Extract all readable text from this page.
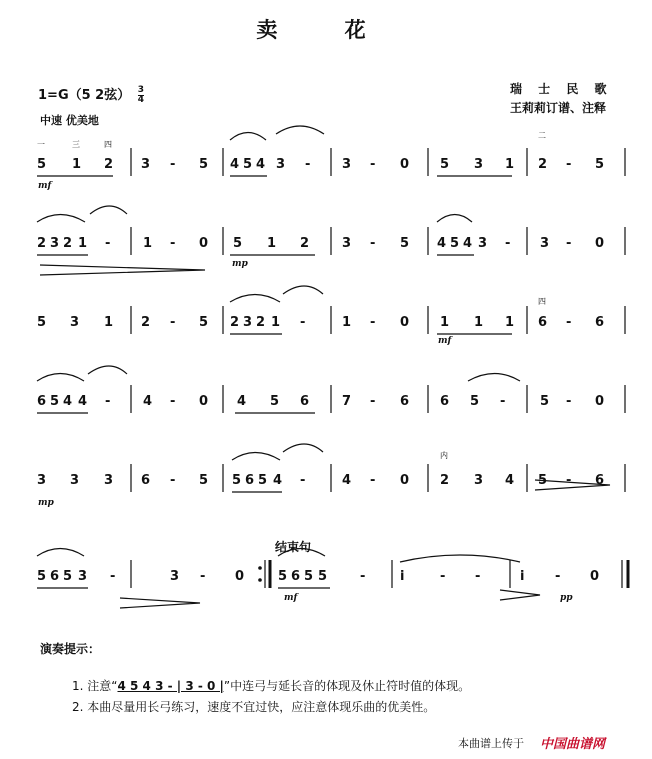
卖 花
1=G（5 2弦） $\frac{3}{4}$	瑞 士 民 歌
王莉莉订谱、注释
中速 优美地
结束句
5 1 2 3 - 5 4 5 4 3 - 3 - 0 5 3 1 2 - 5
2 3 2 1 -	1 - 0 5 1 2	3 - 5 4 5 4 3 - 3 - 0
5 3 1 2 - 5 2 3 2 1 -	1 - 0 1 1 1 6 - 6
6 5 4 4 -	4 - 0 4 5 6	7 - 6 6 5 -	5 - 0
3 3 3 6 - 5 5 6 5 4 -	4 - 0 2 3 4 5 - 6
5 6 5 3 -	3 - 0	5 6 5 5	-	i	- -	i - 0
mf
mp
mf
mp
mf	pp
一	三	四
二
内
四
演奏提示：
1. 注意“4 5 4 3 - | 3 - 0 |”中连弓与延长音的体现及休止符时值的体现。
2. 本曲尽量用长弓练习，速度不宜过快，应注意体现乐曲的优美性。
本曲谱上传于 中国曲谱网
